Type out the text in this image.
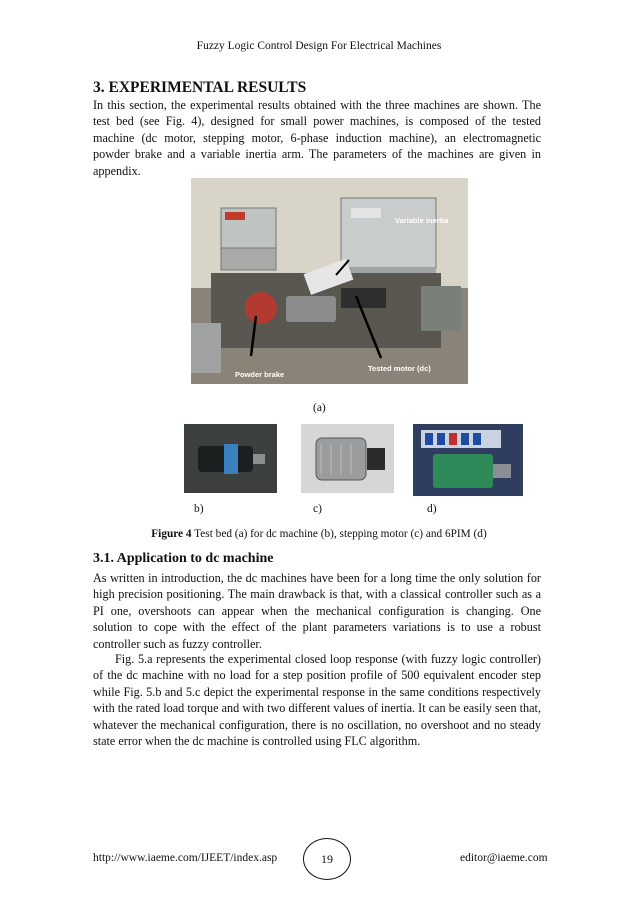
Fuzzy Logic Control Design For Electrical Machines
3. EXPERIMENTAL RESULTS

In this section, the experimental results obtained with the three machines are shown. The test bed (see Fig. 4), designed for small power machines, is composed of the tested machine (dc motor, stepping motor, 6-phase induction machine), an electromagnetic powder brake and a variable inertia arm. The parameters of the machines are given in appendix.

Variable inertia
Powder brake
Tested motor (dc)
(a)
b)	c)	d)
Figure 4 Test bed (a) for dc machine (b), stepping motor (c) and 6PIM (d)
3.1. Application to dc machine

As written in introduction, the dc machines have been for a long time the only solution for high precision positioning. The main drawback is that, with a classical controller such as a PI one, overshoots can appear when the mechanical configuration is changing. One solution to cope with the effect of the plant parameters variations is to use a robust controller such as fuzzy controller.

Fig. 5.a represents the experimental closed loop response (with fuzzy logic controller) of the dc machine with no load for a step position profile of 500 equivalent encoder step while Fig. 5.b and 5.c depict the experimental response in the same conditions respectively with the rated load torque and with two different values of inertia. It can be easily seen that, whatever the mechanical configuration, there is no oscillation, no overshoot and no steady state error when the dc machine is controlled using FLC algorithm.

http://www.iaeme.com/IJEET/index.asp	19	editor@iaeme.com
